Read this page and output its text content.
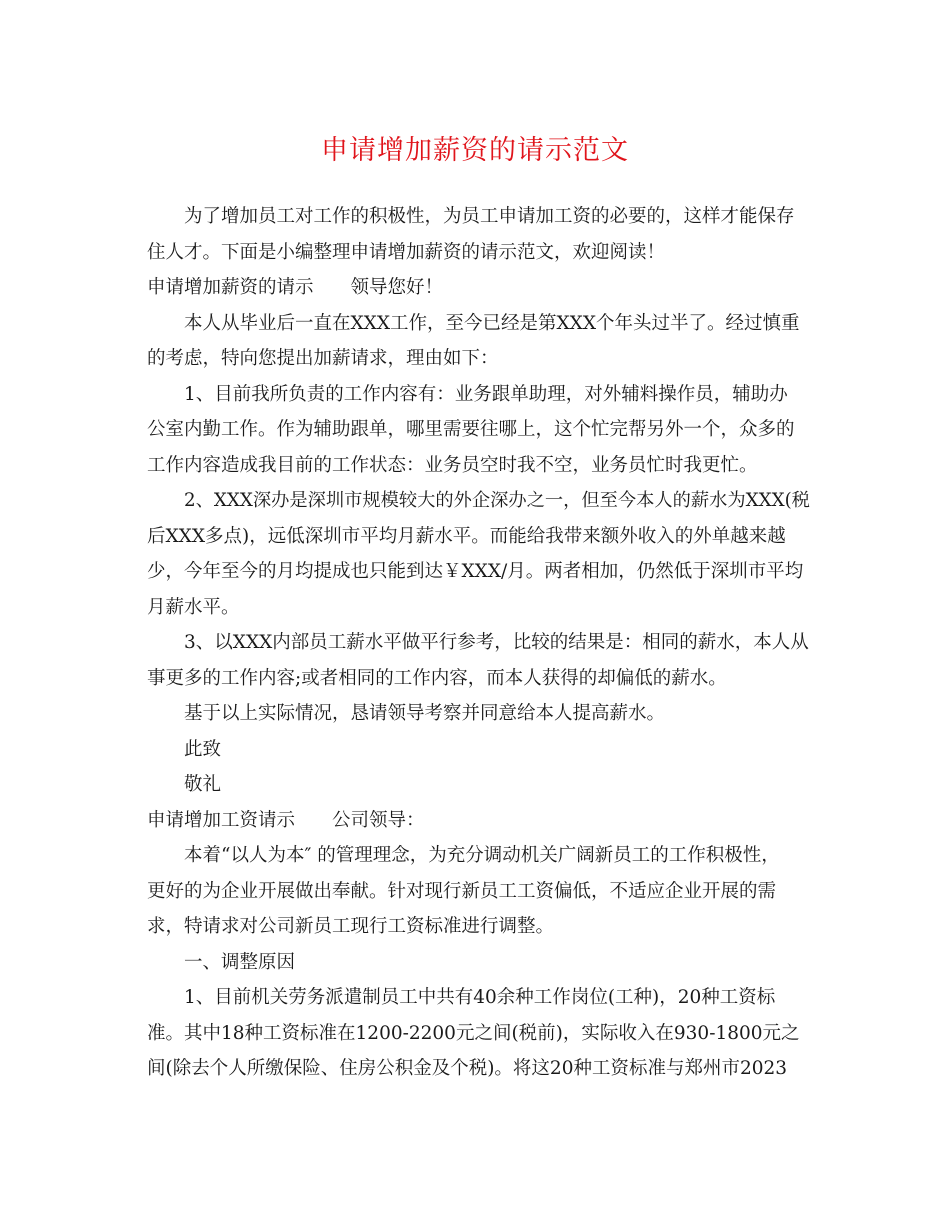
申请增加薪资的请示范文
为了增加员工对工作的积极性，为员工申请加工资的必要的，这样才能保存
住人才。下面是小编整理申请增加薪资的请示范文，欢迎阅读！
申请增加薪资的请示　　领导您好！
本人从毕业后一直在XXX工作，至今已经是第XXX个年头过半了。经过慎重
的考虑，特向您提出加薪请求，理由如下：
1、目前我所负责的工作内容有：业务跟单助理，对外辅料操作员，辅助办
公室内勤工作。作为辅助跟单，哪里需要往哪上，这个忙完帮另外一个，众多的
工作内容造成我目前的工作状态：业务员空时我不空，业务员忙时我更忙。
2、XXX深办是深圳市规模较大的外企深办之一，但至今本人的薪水为XXX(税
后XXX多点)，远低深圳市平均月薪水平。而能给我带来额外收入的外单越来越
少，今年至今的月均提成也只能到达￥XXX/月。两者相加，仍然低于深圳市平均
月薪水平。
3、以XXX内部员工薪水平做平行参考，比较的结果是：相同的薪水，本人从
事更多的工作内容;或者相同的工作内容，而本人获得的却偏低的薪水。
基于以上实际情况，恳请领导考察并同意给本人提高薪水。
此致
敬礼
申请增加工资请示　　公司领导：
本着“以人为本″ 的管理理念，为充分调动机关广阔新员工的工作积极性，
更好的为企业开展做出奉献。针对现行新员工工资偏低，不适应企业开展的需
求，特请求对公司新员工现行工资标准进行调整。
一、调整原因
1、目前机关劳务派遣制员工中共有40余种工作岗位(工种)，20种工资标
准。其中18种工资标准在1200-2200元之间(税前)，实际收入在930-1800元之
间(除去个人所缴保险、住房公积金及个税)。将这20种工资标准与郑州市2023
